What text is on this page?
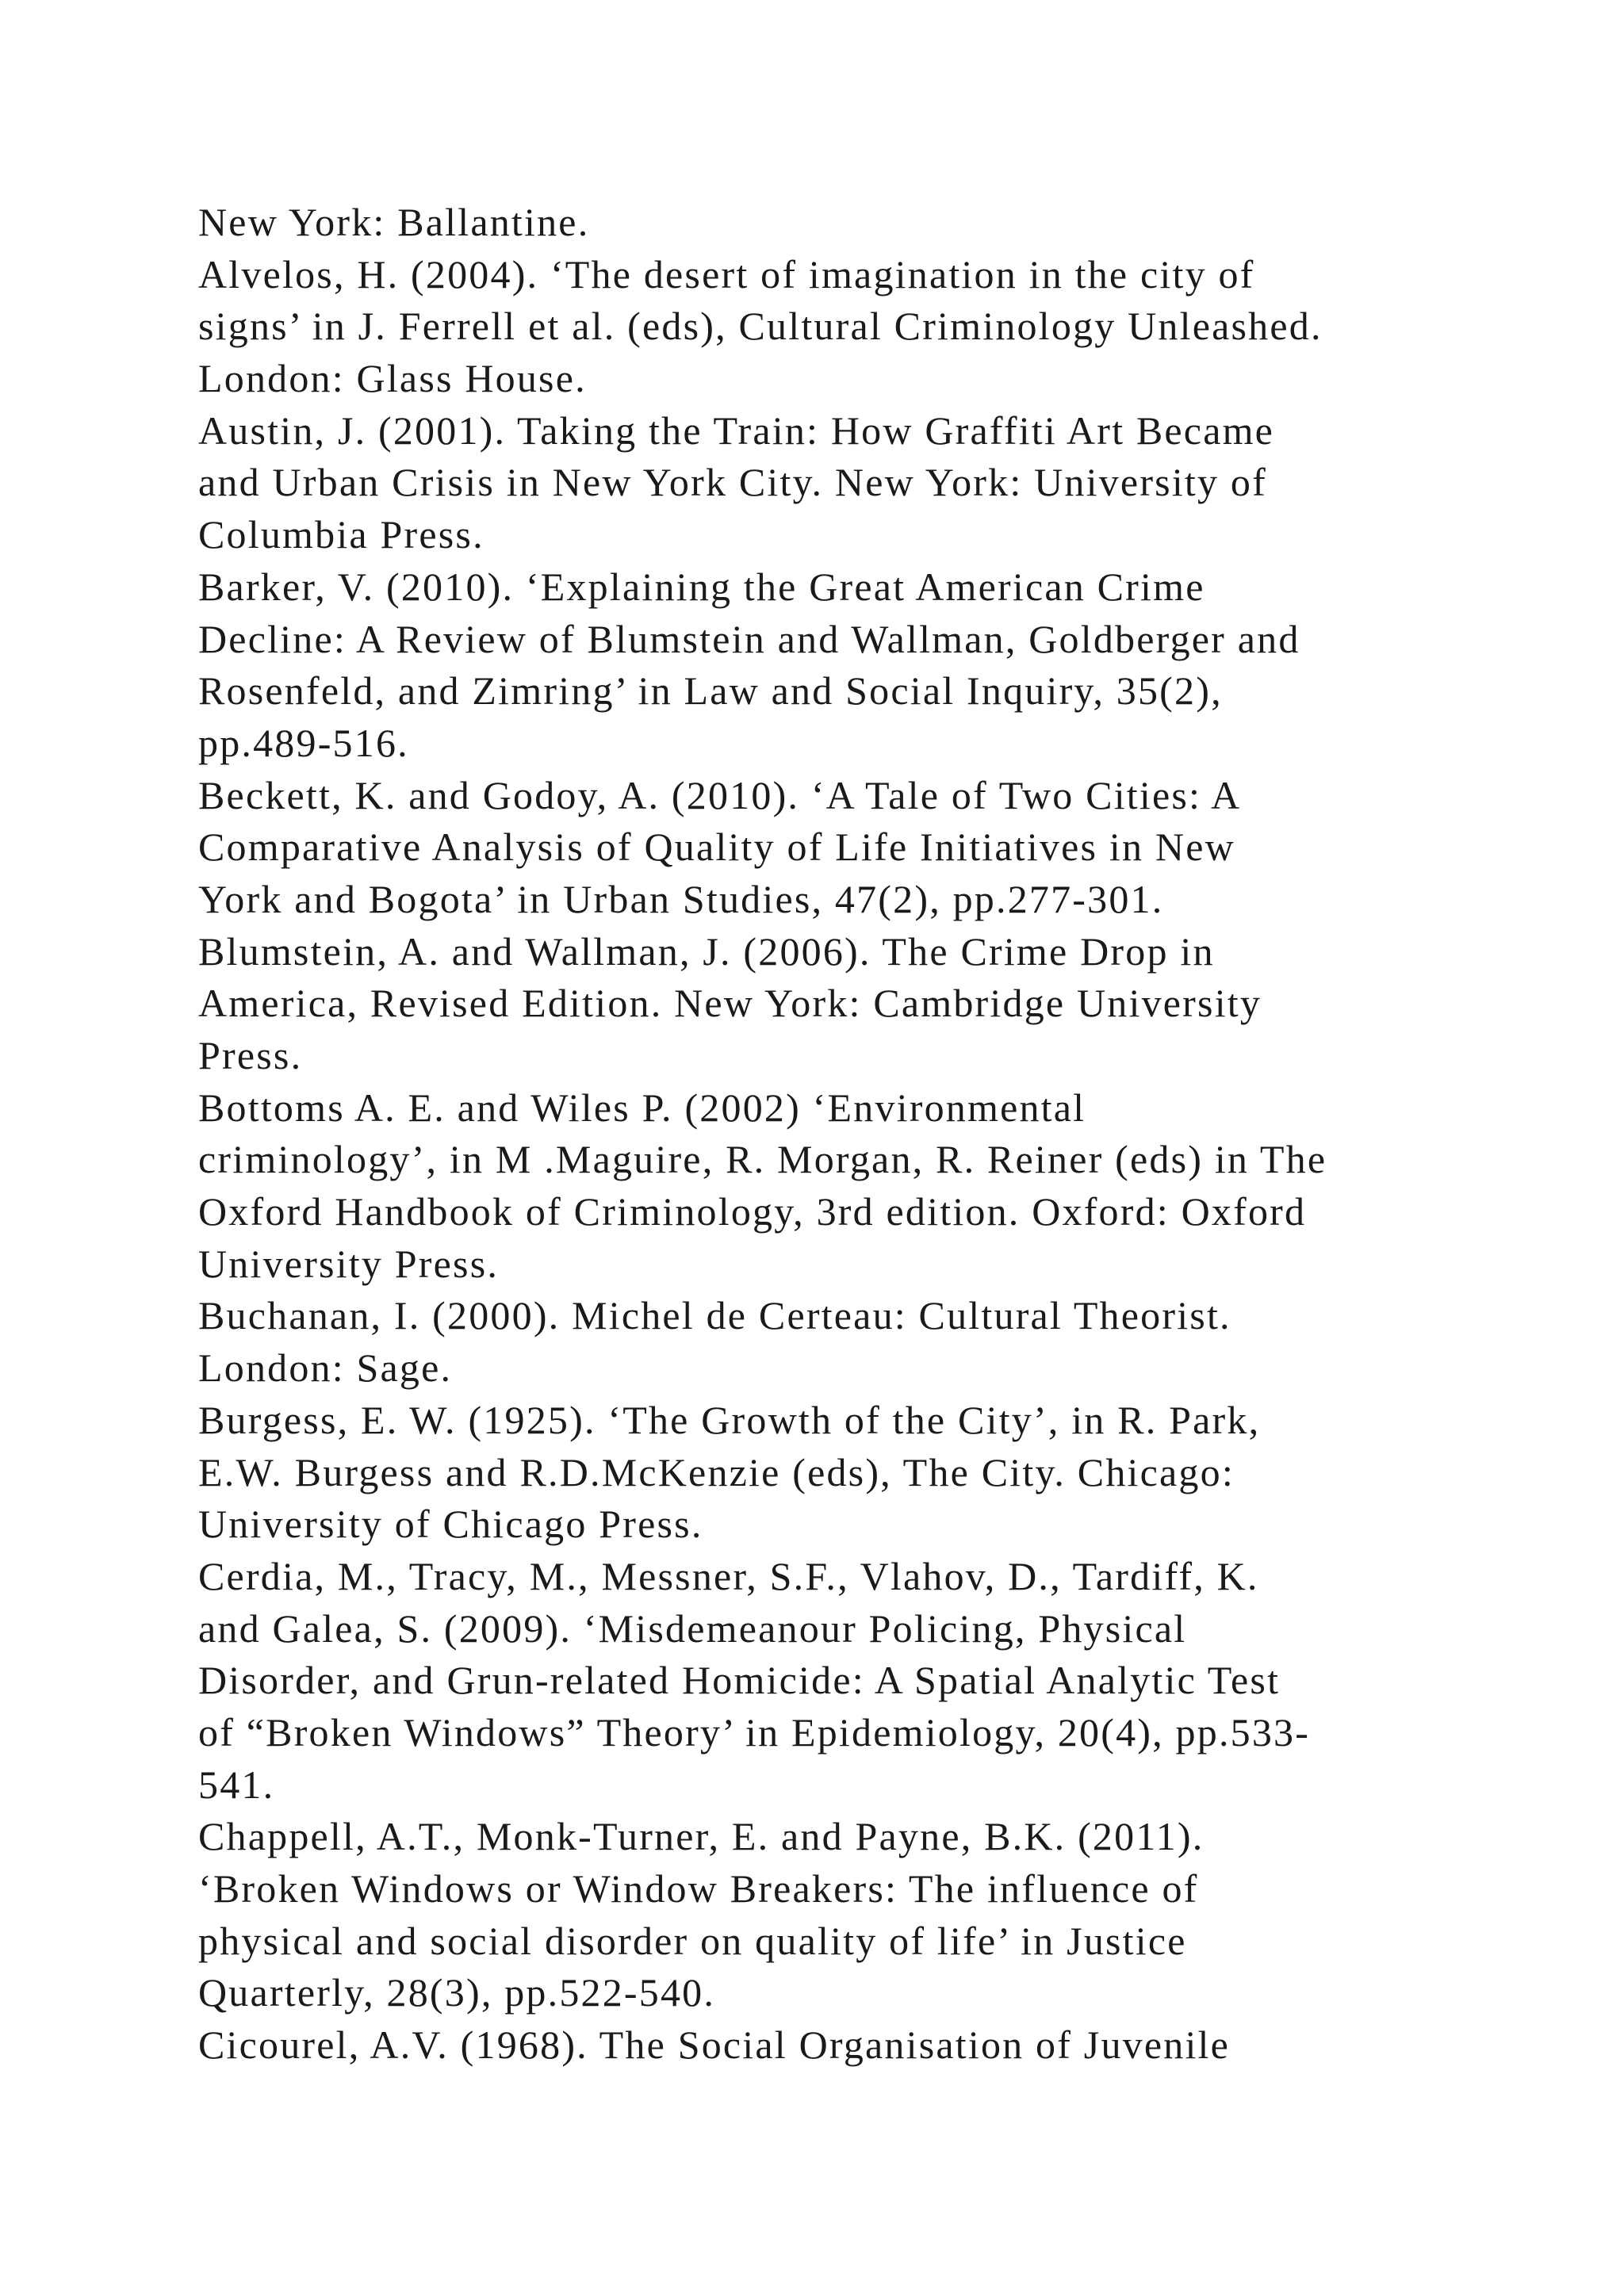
New York: Ballantine.
Alvelos, H. (2004). ‘The desert of imagination in the city of
signs’ in J. Ferrell et al. (eds), Cultural Criminology Unleashed.
London: Glass House.
Austin, J. (2001). Taking the Train: How Graffiti Art Became
and Urban Crisis in New York City. New York: University of
Columbia Press.
Barker, V. (2010). ‘Explaining the Great American Crime
Decline: A Review of Blumstein and Wallman, Goldberger and
Rosenfeld, and Zimring’ in Law and Social Inquiry, 35(2),
pp.489-516.
Beckett, K. and Godoy, A. (2010). ‘A Tale of Two Cities: A
Comparative Analysis of Quality of Life Initiatives in New
York and Bogota’ in Urban Studies, 47(2), pp.277-301.
Blumstein, A. and Wallman, J. (2006). The Crime Drop in
America, Revised Edition. New York: Cambridge University
Press.
Bottoms A. E. and Wiles P. (2002) ‘Environmental
criminology’, in M .Maguire, R. Morgan, R. Reiner (eds) in The
Oxford Handbook of Criminology, 3rd edition. Oxford: Oxford
University Press.
Buchanan, I. (2000). Michel de Certeau: Cultural Theorist.
London: Sage.
Burgess, E. W. (1925). ‘The Growth of the City’, in R. Park,
E.W. Burgess and R.D.McKenzie (eds), The City. Chicago:
University of Chicago Press.
Cerdia, M., Tracy, M., Messner, S.F., Vlahov, D., Tardiff, K.
and Galea, S. (2009). ‘Misdemeanour Policing, Physical
Disorder, and Grun-related Homicide: A Spatial Analytic Test
of “Broken Windows” Theory’ in Epidemiology, 20(4), pp.533-
541.
Chappell, A.T., Monk-Turner, E. and Payne, B.K. (2011).
‘Broken Windows or Window Breakers: The influence of
physical and social disorder on quality of life’ in Justice
Quarterly, 28(3), pp.522-540.
Cicourel, A.V. (1968). The Social Organisation of Juvenile
